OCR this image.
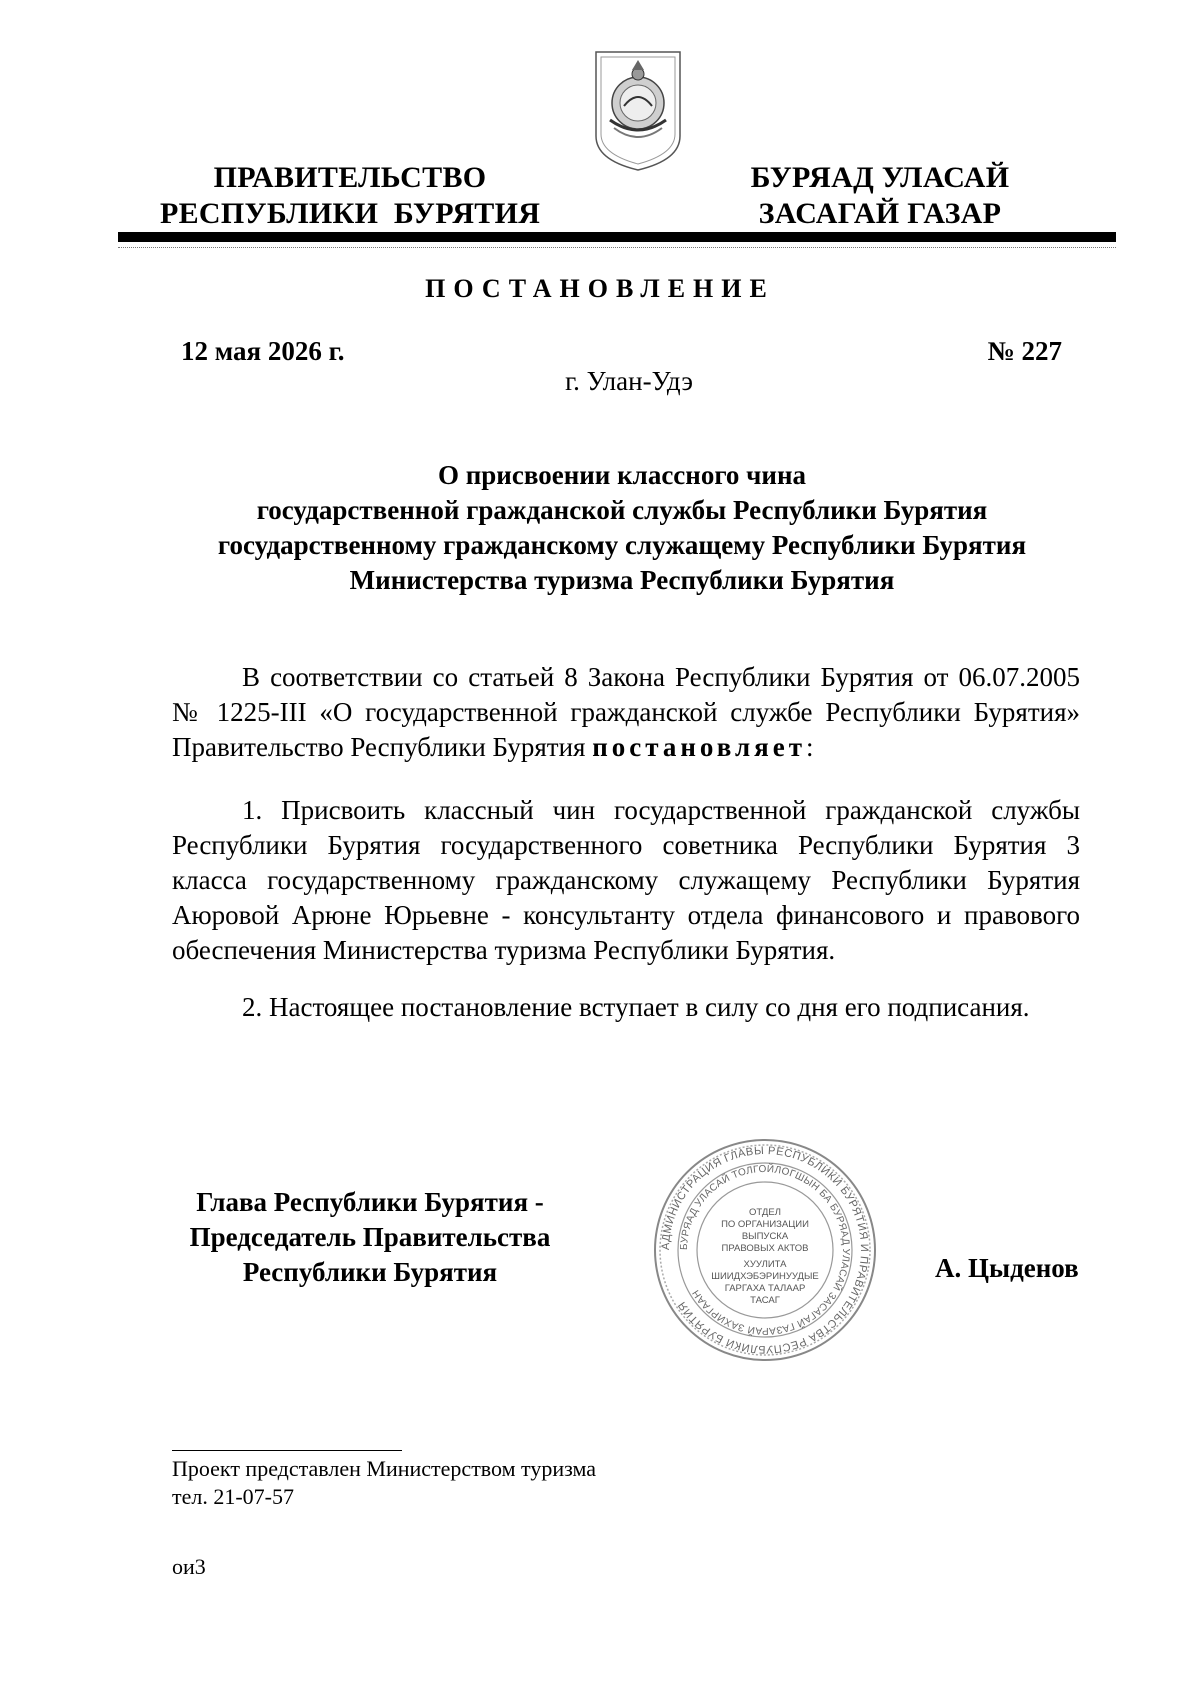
ПРАВИТЕЛЬСТВО
РЕСПУБЛИКИ  БУРЯТИЯ
БУРЯАД УЛАСАЙ
ЗАСАГАЙ ГАЗАР
ПОСТАНОВЛЕНИЕ
12 мая 2026 г.	№ 227
г. Улан-Удэ
О присвоении классного чина
государственной гражданской службы Республики Бурятия
государственному гражданскому служащему Республики Бурятия
Министерства туризма Республики Бурятия
В соответствии со статьей 8 Закона Республики Бурятия от 06.07.2005 № 1225-III «О государственной гражданской службе Республики Бурятия» Правительство Республики Бурятия постановляет:
1. Присвоить классный чин государственной гражданской службы Республики Бурятия государственного советника Республики Бурятия 3 класса государственному гражданскому служащему Республики Бурятия Аюровой Арюне Юрьевне - консультанту отдела финансового и правового обеспечения Министерства туризма Республики Бурятия.
2. Настоящее постановление вступает в силу со дня его подписания.
Глава Республики Бурятия -
Председатель Правительства
Республики Бурятия
АДМИНИСТРАЦИЯ ГЛАВЫ РЕСПУБЛИКИ БУРЯТИЯ И ПРАВИТЕЛЬСТВА РЕСПУБЛИКИ БУРЯТИЯ
БУРЯАД УЛАСАЙ ТОЛГОЙЛОГШЫН БА БУРЯАД УЛАСАЙ ЗАСАГАЙ ГАЗАРАЙ ЗАХИРГААН
ОТДЕЛ
ПО ОРГАНИЗАЦИИ
ВЫПУСКА
ПРАВОВЫХ АКТОВ
ХУУЛИТА
ШИИДХЭБЭРИНУУДЫЕ
ГАРГАХА ТАЛААР
ТАСАГ
А. Цыденов
Проект представлен Министерством туризма
тел. 21-07-57
ои3
